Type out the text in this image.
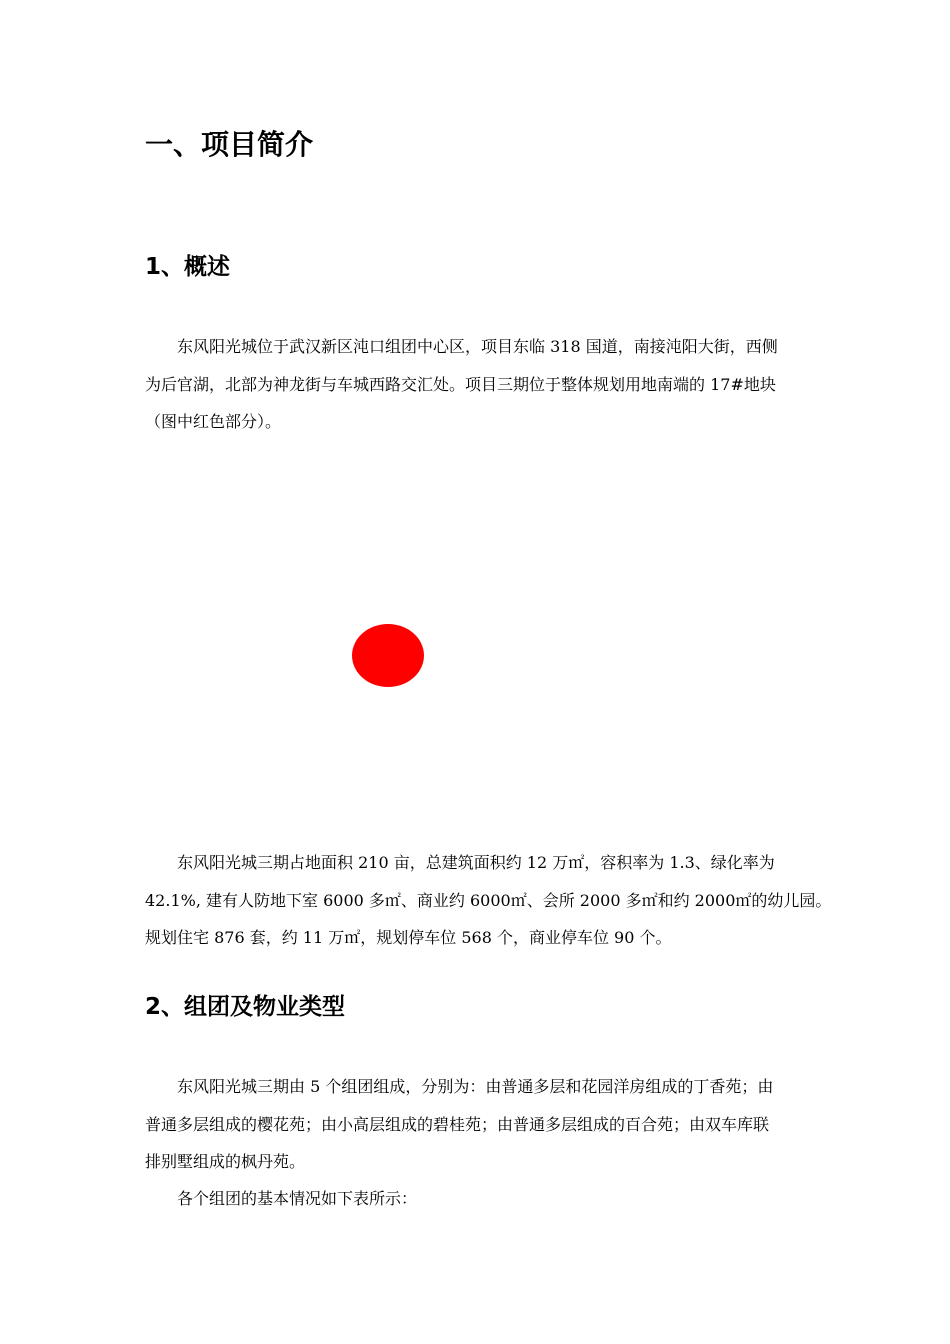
一、项目简介
1、概述
东风阳光城位于武汉新区沌口组团中心区，项目东临 318 国道，南接沌阳大街，西侧
为后官湖，北部为神龙街与车城西路交汇处。项目三期位于整体规划用地南端的 17#地块
（图中红色部分）。
东风阳光城三期占地面积 210 亩，总建筑面积约 12 万㎡，容积率为 1.3、绿化率为
42.1%, 建有人防地下室 6000 多㎡、商业约 6000㎡、会所 2000 多㎡和约 2000㎡的幼儿园。
规划住宅 876 套，约 11 万㎡，规划停车位 568 个，商业停车位 90 个。
2、组团及物业类型
东风阳光城三期由 5 个组团组成，分别为：由普通多层和花园洋房组成的丁香苑；由
普通多层组成的樱花苑；由小高层组成的碧桂苑；由普通多层组成的百合苑；由双车库联
排别墅组成的枫丹苑。

各个组团的基本情况如下表所示：
